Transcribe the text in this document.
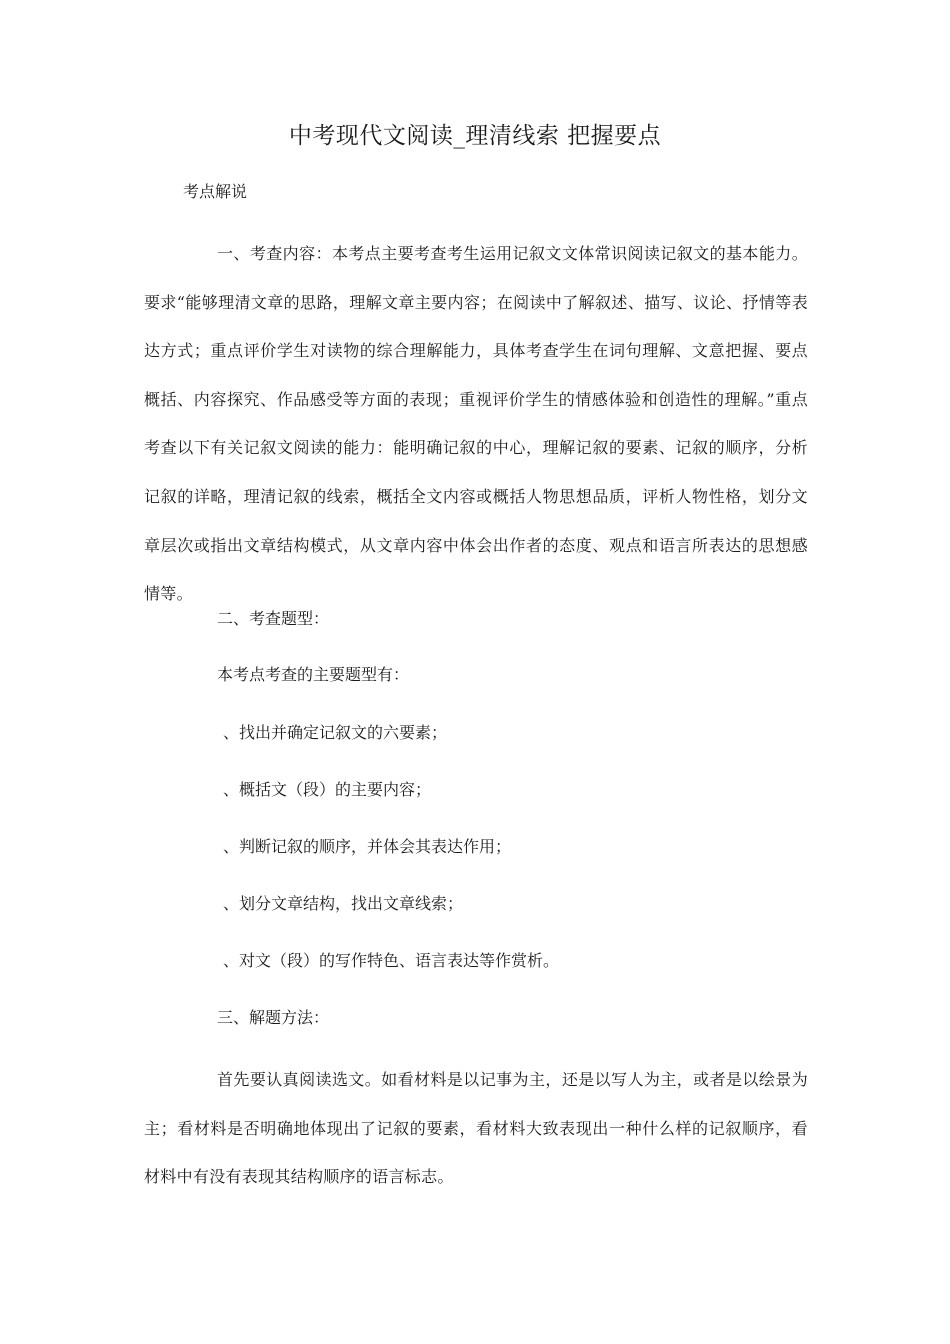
中考现代文阅读_理清线索 把握要点
考点解说

一、考查内容：本考点主要考查考生运用记叙文文体常识阅读记叙文的基本能力。要求“能够理清文章的思路，理解文章主要内容；在阅读中了解叙述、描写、议论、抒情等表达方式；重点评价学生对读物的综合理解能力，具体考查学生在词句理解、文意把握、要点概括、内容探究、作品感受等方面的表现；重视评价学生的情感体验和创造性的理解。”重点考查以下有关记叙文阅读的能力：能明确记叙的中心，理解记叙的要素、记叙的顺序，分析记叙的详略，理清记叙的线索，概括全文内容或概括人物思想品质，评析人物性格，划分文章层次或指出文章结构模式，从文章内容中体会出作者的态度、观点和语言所表达的思想感情等。

二、考查题型：
本考点考查的主要题型有：
、找出并确定记叙文的六要素；
、概括文（段）的主要内容；
、判断记叙的顺序，并体会其表达作用；
、划分文章结构，找出文章线索；
、对文（段）的写作特色、语言表达等作赏析。
三、解题方法：

首先要认真阅读选文。如看材料是以记事为主，还是以写人为主，或者是以绘景为主；看材料是否明确地体现出了记叙的要素，看材料大致表现出一种什么样的记叙顺序，看材料中有没有表现其结构顺序的语言标志。
